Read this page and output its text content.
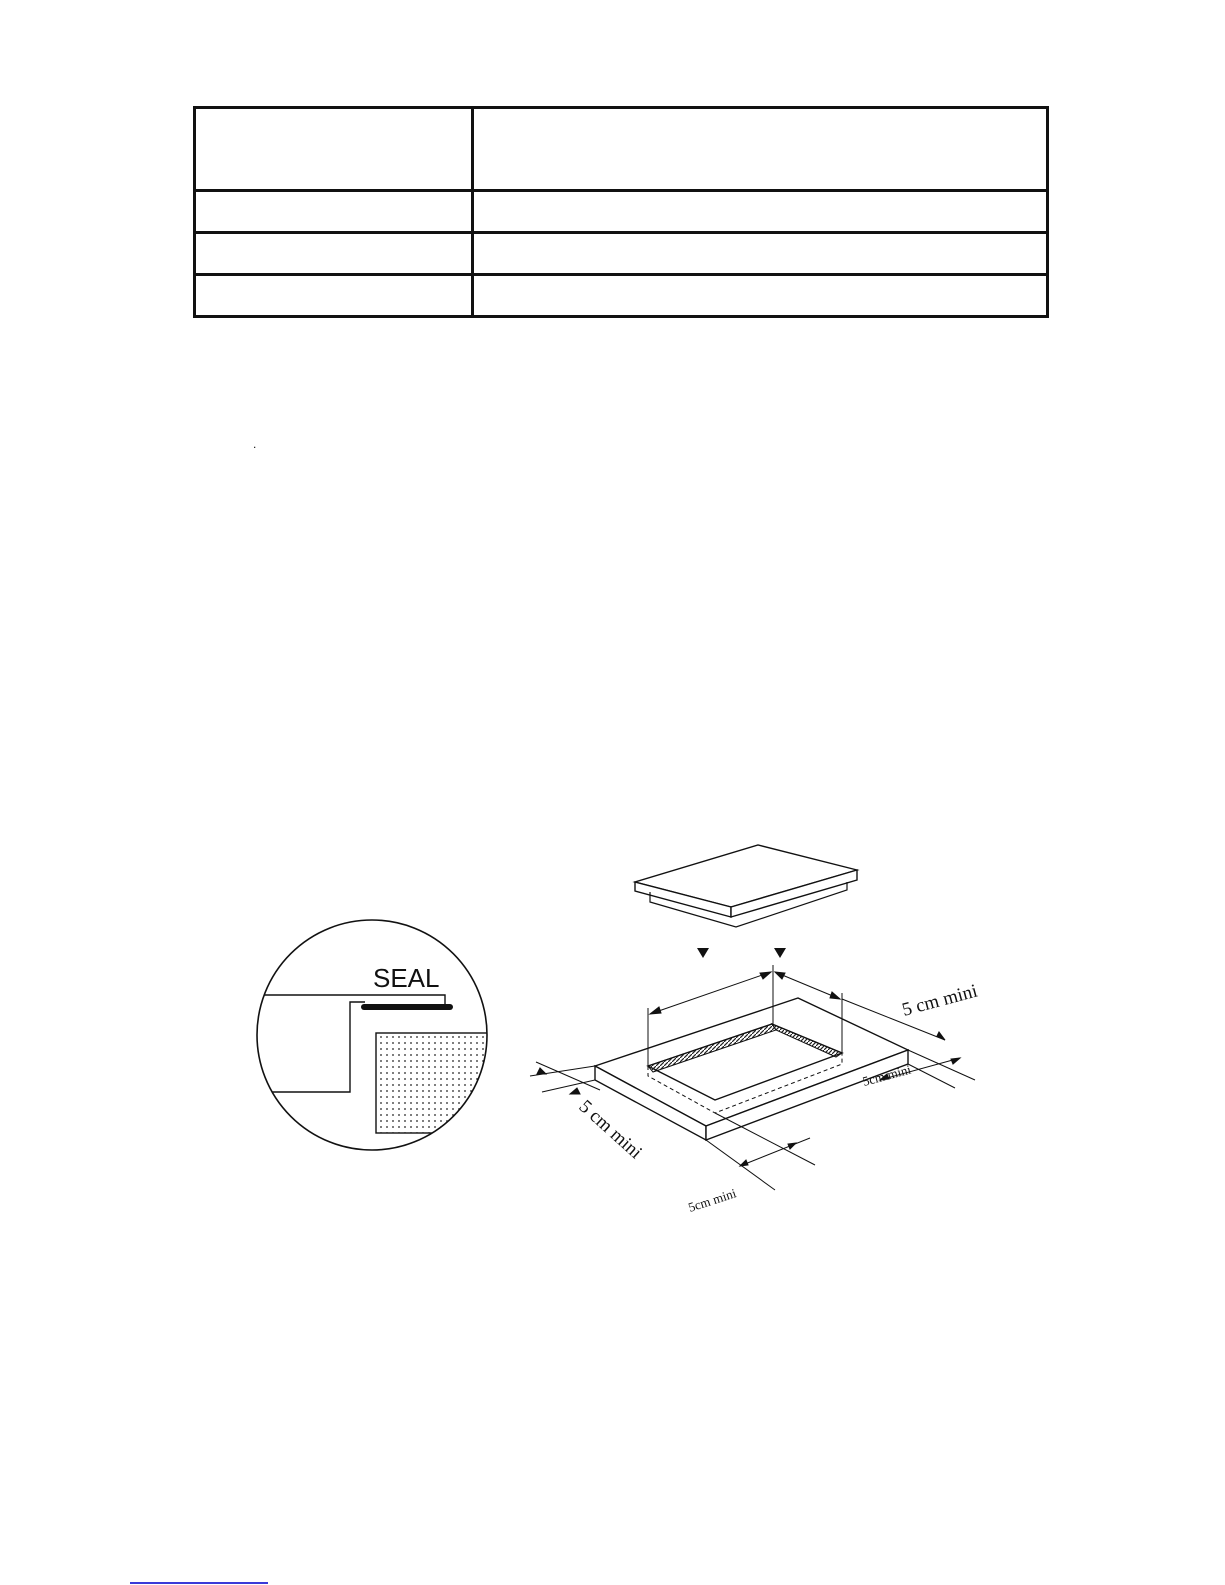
.
SEAL
5 cm mini
5cm mini
5 cm mini
5cm mini
